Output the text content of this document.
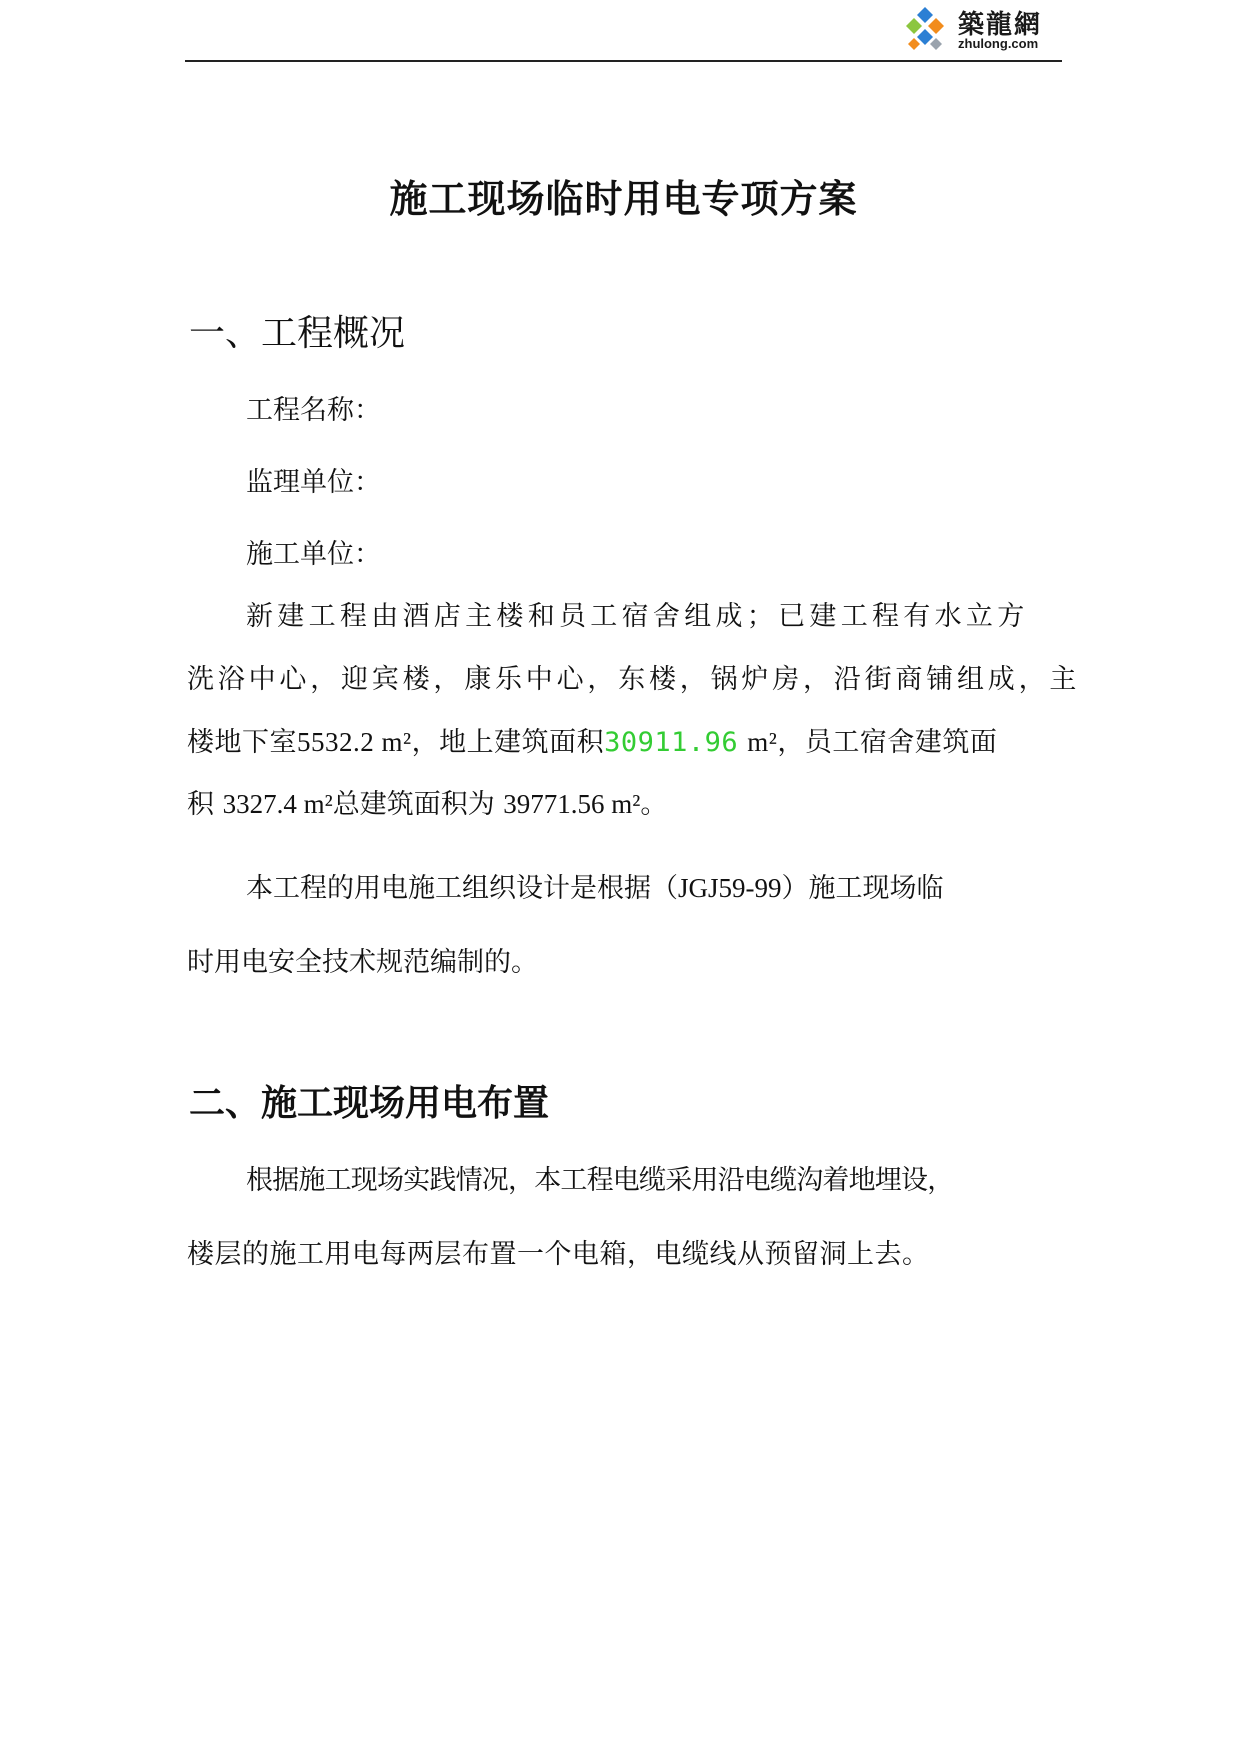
築龍網
zhulong.com
施工现场临时用电专项方案
一、工程概况

工程名称：

监理单位：

施工单位：

新建工程由酒店主楼和员工宿舍组成；已建工程有水立方

洗浴中心，迎宾楼，康乐中心，东楼，锅炉房，沿街商铺组成，主

楼地下室5532.2 m²，地上建筑面积30911.96 m²，员工宿舍建筑面

积 3327.4 m²总建筑面积为 39771.56 m²。

本工程的用电施工组织设计是根据（JGJ59-99）施工现场临

时用电安全技术规范编制的。

二、施工现场用电布置

根据施工现场实践情况，本工程电缆采用沿电缆沟着地埋设，

楼层的施工用电每两层布置一个电箱，电缆线从预留洞上去。
